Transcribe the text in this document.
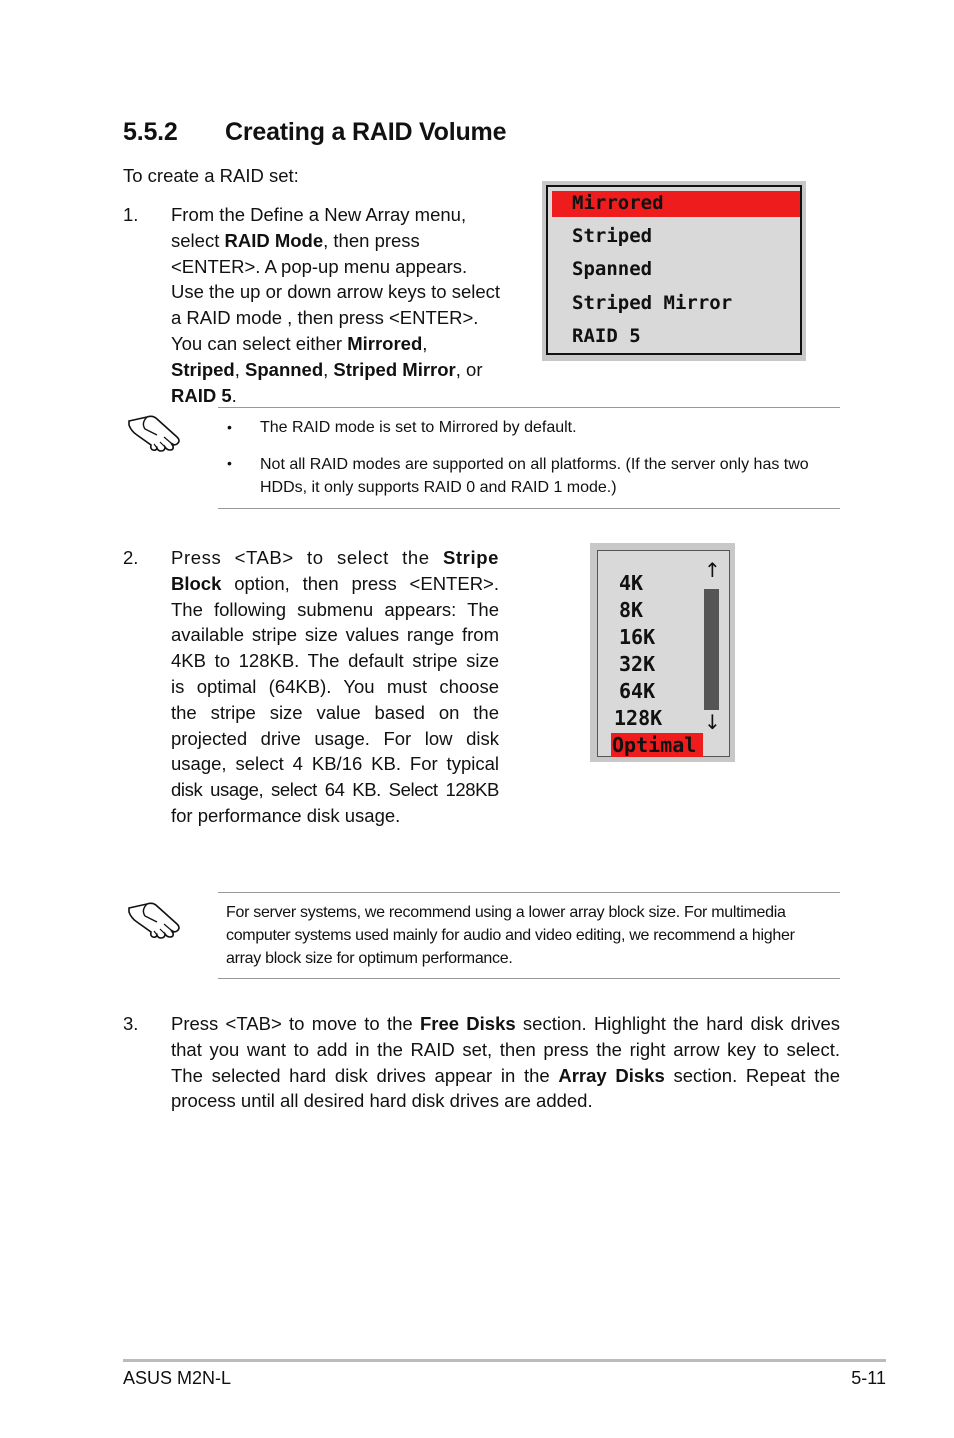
5.5.2 Creating a RAID Volume
To create a RAID set:
1. From the Define a New Array menu,
select RAID Mode, then press
<ENTER>. A pop-up menu appears.
Use the up or down arrow keys to select
a RAID mode , then press <ENTER>.
You can select either Mirrored,
Striped, Spanned, Striped Mirror, or
RAID 5.
Mirrored
Striped
Spanned
Striped Mirror
RAID 5
• The RAID mode is set to Mirrored by default.
• Not all RAID modes are supported on all platforms. (If the server only has two
HDDs, it only supports RAID 0 and RAID 1 mode.)
2. Press <TAB> to select the Stripe
Block option, then press <ENTER>.
The following submenu appears: The
available stripe size values range from
4KB to 128KB. The default stripe size
is optimal (64KB). You must choose
the stripe size value based on the
projected drive usage. For low disk
usage, select 4 KB/16 KB. For typical
disk usage, select 64 KB. Select 128KB
for performance disk usage.
4K
8K
16K
32K
64K
128K
Optimal
↑
↓
For server systems, we recommend using a lower array block size. For multimedia
computer systems used mainly for audio and video editing, we recommend a higher
array block size for optimum performance.
3. Press <TAB> to move to the Free Disks section. Highlight the hard disk drives
that you want to add in the RAID set, then press the right arrow key to select.
The selected hard disk drives appear in the Array Disks section. Repeat the
process until all desired hard disk drives are added.
ASUS M2N-L	5-11
